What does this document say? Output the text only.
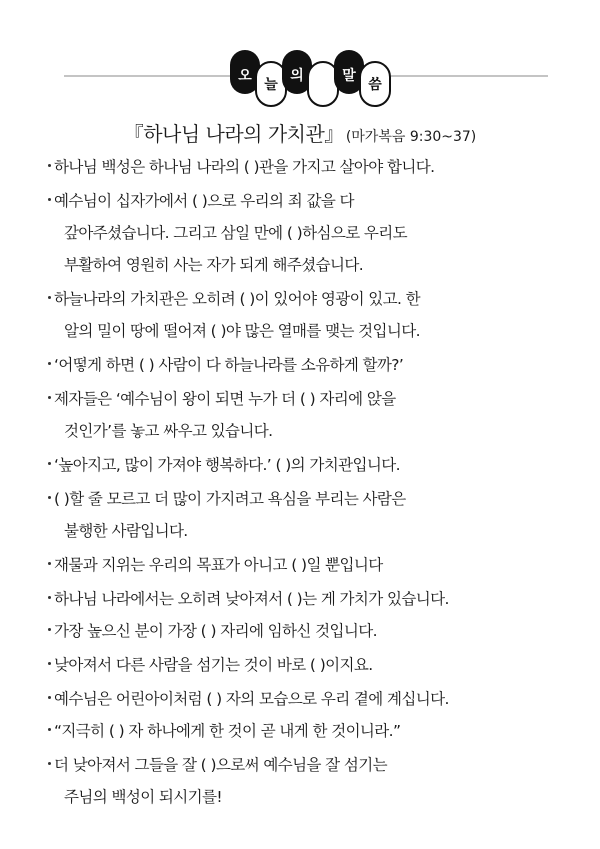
오
늘
의	말
씀
『하나님 나라의 가치관』 (마가복음 9:30~37)
하나님 백성은 하나님 나라의 ( )관을 가지고 살아야 합니다.
예수님이 십자가에서 ( )으로 우리의 죄 값을 다
갚아주셨습니다. 그리고 삼일 만에 ( )하심으로 우리도
부활하여 영원히 사는 자가 되게 해주셨습니다.
하늘나라의 가치관은 오히려 ( )이 있어야 영광이 있고. 한
알의 밀이 땅에 떨어져 ( )야 많은 열매를 맺는 것입니다.
‘어떻게 하면 ( ) 사람이 다 하늘나라를 소유하게 할까?’
제자들은 ‘예수님이 왕이 되면 누가 더 ( ) 자리에 앉을
것인가’를 놓고 싸우고 있습니다.
‘높아지고, 많이 가져야 행복하다.’ ( )의 가치관입니다.
( )할 줄 모르고 더 많이 가지려고 욕심을 부리는 사람은
불행한 사람입니다.
재물과 지위는 우리의 목표가 아니고 ( )일 뿐입니다
하나님 나라에서는 오히려 낮아져서 ( )는 게 가치가 있습니다.
가장 높으신 분이 가장 ( ) 자리에 임하신 것입니다.
낮아져서 다른 사람을 섬기는 것이 바로 ( )이지요.
예수님은 어린아이처럼 ( ) 자의 모습으로 우리 곁에 계십니다.
“지극히 ( ) 자 하나에게 한 것이 곧 내게 한 것이니라.”
더 낮아져서 그들을 잘 ( )으로써 예수님을 잘 섬기는
주님의 백성이 되시기를!
